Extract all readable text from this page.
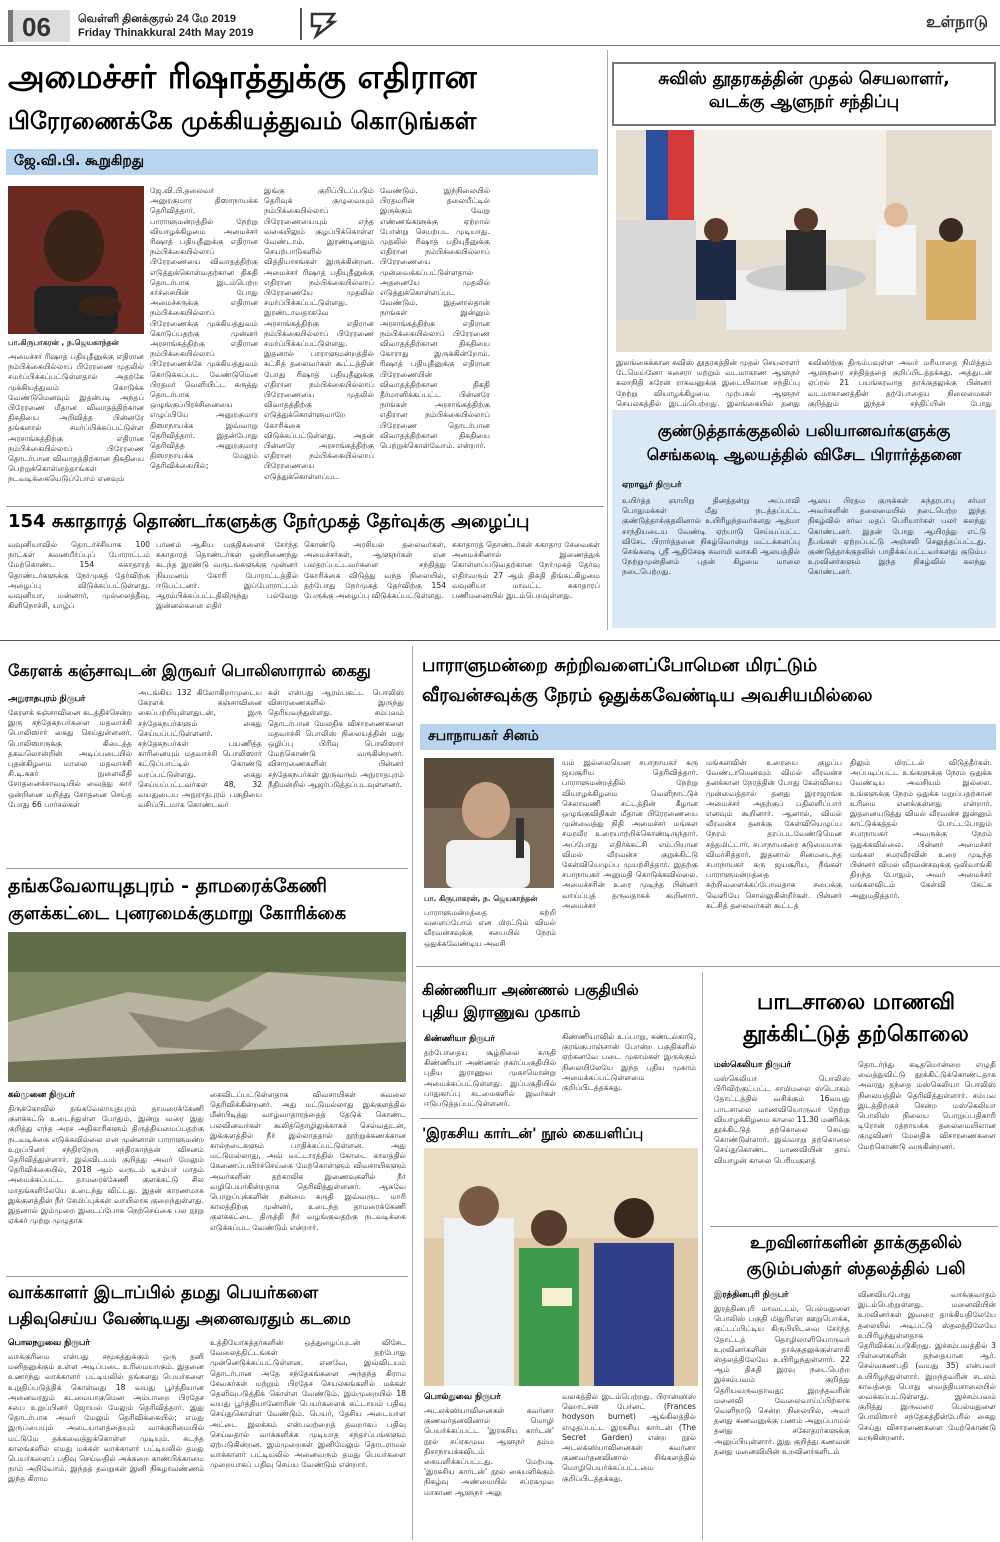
06 வெள்ளி தினக்குரல் 24 மே 2019
Friday Thinakkural 24th May 2019
உள்நாடு
அமைச்சர் ரிஷாத்துக்கு எதிரான
பிரேரணைக்கே முக்கியத்துவம் கொடுங்கள்
ஜே.வி.பி. கூறுகிறது
பா.கிருபாகரன் , ந.ஜெயகாந்தன்
அமைச்சர் ரிஷாத் பதியுதீனுக்கு எதிரான நம்பிக்கையில்லாப் பிரேரணை முதலில் சமர்ப்பிக்கப்பட்டுள்ளதால் அதற்கே முக்கியத்துவம் கொடுக்க வேண்டுமெனவும் இதன்படி அந்தப் பிரேரணை மீதான விவாதத்திற்கான திகதியை அறிவித்த பின்னரே தங்களால் சமர்ப்பிக்கப்பட்டுள்ள அரசாங்கத்திற்கு எதிரான நம்பிக்கையில்லாப் பிரேரணை தொடர்பான விவாதத்திற்கான திகதியை பெற்றுக்கொள்ளத்தாங்கள் நடவடிக்கையெடுப்போம் எனவும்
ஜே.வி.பி.தலைவர் அனுரகுமார திஸாநாயக்க தெரிவித்தார். பாராளுமன்றத்தில் நேற்று வியாழக்கிழமை அமைச்சர் ரிஷாத் பதியுதீனுக்கு எதிரான நம்பிக்கையில்லாப் பிரேரணையை விவாதத்திற்கு எடுத்துக்கொள்வதற்கான திகதி தொடர்பாக இடம்பெற்ற சர்ச்சையின் போது அமைச்சருக்கு எதிரான நம்பிக்கையில்லாப் பிரேரணைக்கு முக்கியத்துவம் கொடுப்பதற்கு முன்னர் அரசாங்கத்திற்கு எதிரான நம்பிக்கையில்லாப் பிரேரணைக்கே முக்கியத்துவம் கொடுக்கப்பட வேண்டுமென பிரதமர் வெளியிட்ட கருத்து தொடர்பாக ஒழுங்குப்பிரச்சினையை எழுப்பியே அனுரகுமார திஸாநாயக்க இவ்வாறு தெரிவித்தார். இதன்போது தெரிவித்த அனுரகுமார திஸாநாயக்க மேலும் தெரிவிக்கையில்;
இங்கு குறிப்பிடப்படும் தெரிவுக் குழுவையும் நம்பிக்கையில்லாப் பிரேரணையையும் எந்த வகையிலும் குழப்பிக்கொள்ள வேண்டாம். இரண்டினதும் செயற்பாடுகளில் வித்தியாசங்கள் இருக்கின்றன. அமைச்சர் ரிஷாத் பதியுதீனுக்கு எதிரான நம்பிக்கையில்லாப் பிரேரணையே முதலில் சமர்ப்பிக்கப்பட்டுள்ளது. இரண்டாவதாகவே அரசாங்கத்திற்கு எதிரான நம்பிக்கையில்லாப் பிரேரணை சமர்ப்பிக்கப்பட்டுள்ளது. இதனால் பாராளுமன்றத்தில் கட்சித் தலைவர்கள் கூட்டத்தின் போது ரிஷாத் பதியுதீனுக்கு எதிரான நம்பிக்கையில்லாப் பிரேரணையை முதலில் விவாதத்திற்கு எடுத்துக்கொள்ளுமாறே கோரிக்கை விடுக்கப்பட்டுள்ளது. அதன் பின்னரே அரசாங்கத்திற்கு எதிரான நம்பிக்கையில்லாப் பிரேரணையை எடுத்துக்கொள்ளப்பட
வேண்டும். இந்நிலையில் பிரதமரின் தலையீட்டில் இருக்கும் வேறு எண்ணங்களுக்கு ஏற்றால் போன்று செயற்பட முடியாது. முதலில் ரிஷாத் பதியுதீனுக்கு எதிரான நம்பிக்கையில்லாப் பிரேரணையை முன்வைக்கப்பட்டுள்ளதால் அதனையே முதலில் எடுத்துக்கொள்ளப்பட வேண்டும். இதனால்தான் நாங்கள் இன்னும் அரசாங்கத்திற்கு எதிரான நம்பிக்கையில்லாப் பிரேரணை விவாதத்திற்கான திகதியை கோராது இருக்கின்றோம். ரிஷாத் பதியுதீனுக்கு எதிரான பிரேரணையின் விவாதத்திற்கான திகதி தீர்மானிக்கப்பட்ட பின்னரே நாங்கள் அரசாங்கத்திற்கு எதிரான நம்பிக்கையில்லாப் பிரேரணை தொடர்பான விவாதத்திற்கான திகதியை பெற்றுக்கொள்வோம். என்றார்.
சுவிஸ் தூதரகத்தின் முதல் செயலாளர்,
வடக்கு ஆளுநர் சந்திப்பு
இலங்கைக்கான சுவிஸ் தூதரகத்தின் முதல் செயலாளர் டேமெய்னோ சுசைரா மற்றும் வடமாகாண ஆளுநர் கலாநிதி சுரேன் ராகவனுக்கு இடையிலான சந்திப்பு நேற்று வியாழக்கிழமை முற்பகல் ஆளுநர் செயலகத்தில் இடம்பெற்றது. இலங்கையில் தனது
சுவிஸிற்கு திரும்பவுள்ள அவர் மரியாதை நிமித்தம் ஆளுநரை சந்தித்ததை குறிப்பிடத்தக்கது. அத்துடன் ஏப்ரல் 21 பயங்கரவாத தாக்குதலுக்கு பின்னர் வடமாகாணத்தின் தற்போதைய நிலைமைகள் குறித்தும் இந்தச் சந்திப்பின் போது
குண்டுத்தாக்குதலில் பலியானவர்களுக்கு
செங்கலடி ஆலயத்தில் விசேட பிரார்த்தனை
ஏறாவூர் நிருபர்
உயிர்த்த ஞாயிறு தினத்தன்று அப்பாவி பொதுமக்கள் மீது நடத்தப்பட்ட குண்டுத்தாக்குதலினால் உயிரிழந்தவர்களது ஆத்மா சாந்தியடைய வேண்டி ஏற்பாடு செய்யப்பட்ட விசேட பிரார்த்தனை நிகழ்வொன்று மட்டக்களப்பு செங்கலடி ஸ்ரீ ஆதிசேஷ சுவாமி வாசுகி ஆலயத்தில் நேற்றுமுன்தினம் புதன் கிழமை மாலை நடைபெற்றது.
ஆலய பிரதம குருக்கள் சுந்தரபாபு சர்மா அவர்களின் தலைமையில் நடைபெற்ற இந்த நிகழ்வில் சர்வ மதப் பெரியார்கள் பலர் கலந்து கொண்டனர். இதன் போது ஆயிரத்து எட்டு தீபங்கள் ஏற்றப்பட்டு அஞ்சலி செலுத்தப்பட்டது. குண்டுத்தாக்குதலில் பாதிக்கப்பட்டவர்களது குடும்ப உறவினர்களும் இந்த நிகழ்வில் கலந்து கொண்டனர்.
154 சுகாதாரத் தொண்டர்களுக்கு நேர்முகத் தேர்வுக்கு அழைப்பு
வவுனியாவில் தொடர்ச்சியாக 100 நாட்கள் கவனயீர்ப்புப் போராட்டம் மேற்கொண்ட 154 சுகாதாரத் தொண்டர்களுக்கு நேர்முகத் தேர்விற்கு அழைப்பு விடுக்கப்பட்டுள்ளது. வவுனியா, மன்னார், முல்லைத்தீவு, கிளிநொச்சி, யாழ்ப்
பாணம் ஆகிய பகுதிகளைச் சேர்ந்த சுகாதாரத் தொண்டர்கள் ஒன்றிணைந்து கடந்த இரண்டு வருடங்களுக்கு முன்னர் நியமனம் கோரி போராட்டத்தில் ஈடுபட்டனர். இப்போராட்டம் ஆரம்பிக்கப்பட்டதிலிருந்து பல்வேறு இன்னல்களை எதிர்
கொண்டு அரசியல் தலைவர்கள், அமைச்சர்கள், ஆளுநர்கள் என பலதரப்பட்டவர்களை சந்தித்து கோரிக்கை விடுத்து வந்த நிலையில், தற்போது நேர்முகத் தேர்விற்கு 154 பேருக்கு அழைப்பு விடுக்கப்பட்டுள்ளது.
சுகாதாரத் தொண்டர்கள் சுகாதார சேவைகள் அமைச்சினால் இணைத்துக் கொள்ளப்படுவதற்கான நேர்முகத் தேர்வு எதிர்வரும் 27 ஆம் திகதி திங்கட்கிழமை வவுனியா மாவட்ட சுகாதாரப் பணிமனையில் இடம்பெறவுள்ளது.
கேரளக் கஞ்சாவுடன் இருவர் பொலிஸாரால் கைது
அநுராதபுரம் நிருபர்
கேரளக் கஞ்சாவினை கடத்திச்சென்ற இரு சந்தேகநபர்களை மதவாச்சி பொலிஸார் கைது செய்துள்ளனர். பொலிஸாருக்கு கிடைத்த தகவலொன்றின் அடிப்படையில் புதன்கிழமை மாலை மதவாச்சி சி.டி.ககர் நுளைவீதி சோதனைச்சாவடியில் வைத்து கார் ஒன்றினை மறித்து சோதனை செய்த போது 66 பார்சல்கள்
அடங்கிய 132 கிலோகிறாமுடைய கேரளக் கஞ்சாவினை கைப்பற்றியுள்ளதுடன், இரு சந்தேகநபர்களும் கைது செய்யப்பட்டுள்ளனர். சந்தேகநபர்கள் பயணித்த காரினையும் மதவாச்சி பொலிஸார் கட்டுப்பாட்டில் கொண்டு வரப்பட்டுள்ளது. கைது செய்யப்பட்டவர்கள் 48, 32 வயதுடைய அநுராதபுரம் பகுதியை வசிப்பிடமாக கொண்டவர்
கள் என்பது ஆரம்பகட்ட பொலிஸ் விசாரணைகளில் இருந்து தெரியவந்துள்ளது. சம்பவம் தொடர்பான மேலதிக விசாரணைகளை மதவாச்சி பொலிஸ் நிலையத்தின் மது ஒழிப்பு பிரிவு பொலிஸார் மேற்கொண்டு வருகின்றனர். விசாரணைகளின் பின்னர் சந்தேகநபர்கள் இருவரும் அநுராதபுரம் நீதிமன்றில் ஆஜர்படுத்தப்படவுள்ளனர்.
தங்கவேலாயுதபுரம் - தாமரைக்கேணி
குளக்கட்டை புனரமைக்குமாறு கோரிக்கை
கல்முனை நிருபர்
திருக்கோவில் தங்கவேலாயுதபுரம் தாமரைக்கேணி குளக்கட்டு உடைந்துள்ள போதும், இன்று வரை இது குறித்து எந்த அரச அதிகாரிகளும் திருத்தியமைப்பதற்கு நடவடிக்கை எடுக்கவில்லை என முன்னாள் பாராளுமன்ற உறுப்பினர் சந்திரநேரு சந்திரகாந்தன் விசனம் தெரிவித்துள்ளார். இவ்விடயம் குறித்து அவர் மேலும் தெரிவிக்கையில், 2018 ஆம் வருடம் டிசம்பர் மாதம் அமைக்கப்பட்ட தாமரைக்கேணி குளக்கட்டு சில மாதங்களிலேயே உடைந்து விட்டது. இதன் காரணமாக இக்குளத்தின் நீர் சேமிப்புக்கள் வாயிலாக குறைந்துள்ளது. இதனால் இம்முறை இடைப்போக நெற்செய்கை பல நூறு ஏக்கர் முற்று முழுதாக
கைவிடப்பட்டுள்ளதாக விவசாயிகள் கவலை தெரிவிக்கின்றனர். அது மட்டுமல்லாது இக்குளத்தில் மீன்பிடித்து வாழ்வாதாரத்தைத் தேடுக் கொண்ட பலவினவர்கள் கூலித்தொழிலுக்காகச் செல்வதுடன், இக்குளத்தில் நீர் இல்லாததால் நூற்றுக்கணக்கான கால்நடைகளும் பாதிக்கப்பட்டுள்ளன. அது மட்டுமல்லாது, அவ் வட்டாரத்தில் கோடை காலத்தில் கேணைப்பயிர்ச்செய்கை மேற்கொள்ளும் விவசாயிகளும் அவர்களின் தற்காலிக இணைவுகளில் நீர் வழிபெயர்கின்றதாக தெரிவித்துள்ளனர். ஆகவே பொறுப்புக்களின் நன்மை கருதி இவ்வருட மாரி காலத்திற்கு முன்னர், உடைந்த தாமரைக்கேணி குளக்கட்டை திருத்தி நீர் வழங்குவதற்கு நடவடிக்கை எடுக்கப்பட வேண்டும் என்றார்.
வாக்காளர் இடாப்பில் தமது பெயர்களை
பதிவுசெய்ய வேண்டியது அனைவரதும் கடமை
பொலநறுவை நிருபர்
வாக்குரிமை என்பது சமூகத்துக்கும் ஒரு தனி மனிதனுக்கும் உள்ள அடிப்படை உரிமையாகும். இதனை உணர்ந்து வாக்காளர் பட்டியலில் தங்களது பெயர்களை உறுதிப்படுத்திக் கொள்வது 18 வயது பூர்த்தியான அனைவரதும் கடமையாகுமென அம்பாறை பிரதேச சபை உறுப்பினர் ஜோயல் மேலும் தெரிவித்தார். இது தொடர்பாக அவர் மேலும் தெரிவிக்கையில்; எமது இருப்பையும் அடையாளத்தையும் வாக்குரிமையில் மட்டுமே தக்கவைத்துக்கொள்ள முடியும். கடந்த காலங்களில் எமது மக்கள் வாக்காளர் பட்டியலில் தமது பெயர்களைப் பதிவு செய்வதில் அக்கறை காண்பிக்காமை நாம் அறிவோம். இந்தத் தவறுகள் இனி நிகழாவண்ணம் இந்த கிராம
உத்தியோகத்தர்களின் ஒத்துழைப்புடன் விசேட வேலைத்திட்டங்கள் தற்போது முன்னெடுக்கப்பட்டுள்ளன. எனவே, இவ்விடயம் தொடர்பான அதே சந்தேகங்களை அந்தந்த கிராம சேவகர்கள் மற்றும் பிரதேச செயலகங்களில் மக்கள் தெளிவுபடுத்திக் கொள்ள வேண்டும். இம்முறையில் 18 வயது பூர்த்தியானோரின் பெயர்களைக் கட்டாயம் பதிவு செய்துகொள்ள வேண்டும். பெயர், தேசிய அடையாள அட்டை இலக்கம் என்பவற்றைத் தவறாகப் பதிவு செய்வதால் வாக்களிக்க முடியாத சந்தர்ப்பங்களும் ஏற்படுகின்றன. இம்முறைகள் இனிமேலும் தொடராமல் வாக்காளர் பட்டியலில் அனைவரும் தமது பெயர்களை முறையாகப் பதிவு செய்ய வேண்டும் என்றார்.
பாராளுமன்றை சுற்றிவளைப்போமென மிரட்டும்
வீரவன்சவுக்கு நேரம் ஒதுக்கவேண்டிய அவசியமில்லை
சபாநாயகர் சினம்
பா. கிருபாகரன், ந. ஜெயகாந்தன்
பாராளுமன்றத்தை சுற்றி வளைப்போம் என மிரட்டும் விமல் வீரவன்சவுக்கு சபையில் நேரம் ஒதுக்கவேண்டிய அவசி
யம் இல்லையென சபாநாயகர் கரு ஜயசூரிய தெரிவித்தார். பாராளுமன்றத்தில் நேற்று வியாழக்கிழமை வெளிநாட்டுச் செலாவணி சட்டத்தின் கீழான ஒழுங்குவிதிகள் மீதான பிரேரணையை முன்வைத்து நிதி அமைச்சர் மங்கள சமரவீர உரையாற்றிக்கொண்டிருந்தார். அப்போது எதிர்க்கட்சி எம்.பியான விமல் வீரவன்ச குறுக்கிட்டு கேள்வியெழுப்ப முயற்சித்தார். இதற்கு சபாநாயகர் அனுமதி கொடுக்கவில்லை. அமைச்சரின் உரை முடிந்த பின்னர் வாய்ப்புத் தருவதாகக் கூறினார். அமைச்சர்
மங்களவின் உரையை குழப்ப வேண்டாமெனவும் விமல் வீரவன்ச தனக்கான நேரத்தின் போது கேள்வியை முன்வைத்தால் தனது இராஜாங்க அமைச்சர் அதற்குப் பதிலளிப்பார் எனவும் கூறினார். ஆனால், விமல் வீரவன்ச தனக்கு கேள்வியெழுப்ப நேரம் தரப்படவேண்டுமென சத்தமிட்டார். சபாநாயகரை கடுமையாக விமர்சித்தார். இதனால் சினமடைந்த சபாநாயகர் கரு ஜயசூரிய, நீங்கள் பாராளுமன்றத்தை சுற்றிவளைக்கப்போவதாக சபைக்கு வெளியே சொல்லுகின்றீர்கள். பின்னர் கட்சித் தலைவர்கள் கூட்டத்
திலும் மிரட்டல் விடுத்தீர்கள். அப்படிப்பட்ட உங்களுக்கு நேரம் ஒதுக்க வேண்டிய அவசியம் இல்லை. உங்களுக்கு நேரம் ஒதுக்க மறுப்பதற்கான உரிமை எனக்குள்ளது என்றார். இதனையடுத்து விமல் வீரவன்ச இன்னும் காட்டுக்கத்தல் போட்டபோதும் சபாநாயகர் அவருக்கு நேரம் ஒதுக்கவில்லை. பின்னர் அமைச்சர் மங்கள சமரவீரவின் உரை முடிந்த பின்னர் விமல் வீரவன்சவுக்கு ஒலிவாங்கி திறந்த போதும், அவர் அமைச்சர் மங்களவிடம் கேள்வி கேட்க அனுமதித்தார்.
கிண்ணியா அண்ணல் பகுதியில்
புதிய இராணுவ முகாம்
கிண்ணியா நிருபர்
தற்போதைய சூழ்நிலை கருதி கிண்ணியா அண்ணல் நகர்ப்பகுதியில் புதிய இராணுவ முகாமொன்று அமைக்கப்பட்டுள்ளது. இப்பகுதியில் பாதுகாப்பு கடமைகளில் இவர்கள் ஈடுபடுத்தப்பட்டுள்ளனர்.
கிண்ணியாவில் உப்பாறு, கண்டல்காடு, குரங்குபாஞ்சான் போன்ற பகுதிகளில் ஏற்கனவே படை முகாம்கள் இருக்கும் நிலையிலேயே இந்த புதிய முகாம் அமைக்கப்பட்டுள்ளமை குறிப்பிடத்தக்கது.
'இரகசிய கார்டன்' நூல் கையளிப்பு
பொல்துவை நிருபர்
அடலக்ஸியாவினைகள் கவர்னா குணவர்தனவினால் மொழி பெயர்க்கப்பட்ட 'இரகசிய கார்டன்' நூல் சப்ரகமுவ ஆளுநர் தம்ம திசாநாயக்கவிடம் கையளிக்கப்பட்டது. மேற்படி 'இரகசிய கார்டன்' நூல் கையளிக்கும் நிகழ்வு அண்மையில் சப்ரகமுவ மாகாண ஆளுநர் அலு
வலகத்தில் இடம்பெற்றது. பிரான்ஸிஸ் ஹொட்சன் பேர்னட் (Frances hodyson burnet) ஆங்கிலத்தில் எழுதப்பட்ட இரகசிய கார்டன் (The Secret Garden) என்ற நூல் அடலக்ஸியாவினைகள் கவர்னா குணவர்தனவினால் சிங்களத்தில் மொழிபெயர்க்கப்பட்டமை குறிப்பிடத்தக்கது.
பாடசாலை மாணவி
தூக்கிட்டுத் தற்கொலை
மஸ்கெலியா நிருபர்
மஸ்கெலியா பொலிஸ் பிரிவிற்குட்பட்ட சாமிமலை ஸ்டொகம் தோட்டத்தில் வசிக்கும் 16வயது பாடசாலை மாணவியொருவர் நேற்று வியாழக்கிழமை காலை 11.30 மணிக்கு தூக்கிட்டுத் தற்கொலை செய்து கொண்டுள்ளார். இவ்வாறு தற்கொலை செய்துகொண்ட மாணவியின் தாய் வியாழன் காலை பெரியகுளத்
தொடர்ந்து கடிதமொன்றை எழுதி வைத்துவிட்டு தூக்கிட்டுக்கொண்டதாக அவரது தந்தை மஸ்கெலியா பொலிஸ் நிலையத்தில் தெரிவித்துள்ளார். சம்பவ இடத்திற்குச் சென்ற மஸ்கெலியா பொலிஸ் நிலைய பொறுப்பதிகாரி டிரோன் ரத்நாயக்க தலைமையிலான குழுவினர் மேலதிக விசாரணைகளை மேற்கொண்டு வருகின்றனர்.
உறவினர்களின் தாக்குதலில்
குடும்பஸ்தர் ஸ்தலத்தில் பலி
இரத்தினபுரி நிருபர்
இரத்தினபுரி மாவட்டம், பெல்மதுளை பொலிஸ் பகுதி மிதுரிஎள ஊறுபொக்க, குட்டப்பிட்டிய கிருபியிடவை சேர்ந்த தோட்டத் தொழிலாளியொருவர் உறவினர்களின் தாக்குதலுக்குள்ளாகி ஸ்தலத்திலேயே உயிரிழந்துள்ளார். 22 ஆம் திகதி இரவு நடைபெற்ற இச்சம்பவம் குறித்து தெரியவருவதாவது; இறந்தவரின் மனைவி வேலைவாய்ப்பிற்காக வெளிநாடு சென்ற நிலையில், அவர் தனது கணவனுக்கு பணம் அனுப்பாமல் தனது சகோதரர்களுக்கு அனுப்பியுள்ளார். இது குறித்து கணவன் தனது மனைவியின் உறவினர்களிடம்
வினவியபோது வாக்குவாதம் இடம்பெற்றுள்ளது. மனைவியின் உறவினர்கள் இவரை தாக்கியதிலேயே தலையில் அடிபட்டு ஸ்தலத்திலேயே உயிரிழந்துள்ளதாக தெரிவிக்கப்படுகிறது. இச்சம்பவத்தில் 3 பிள்ளைகளின் தந்தையான ஆர். செல்வகணபதி (வயது 35) என்பவர் உயிரிழந்துள்ளார். இறந்தவரின் சடலம் காவத்தை பொது வைத்தியசாலையில் வைக்கப்பட்டுள்ளது. இச்சம்பவம் குறித்து இருவரை பெல்மதுளை பொலிஸார் சந்தேகத்தின்பேரில் கைது செய்து விசாரணைகளை மேற்கொண்டு வருகின்றனர்.
